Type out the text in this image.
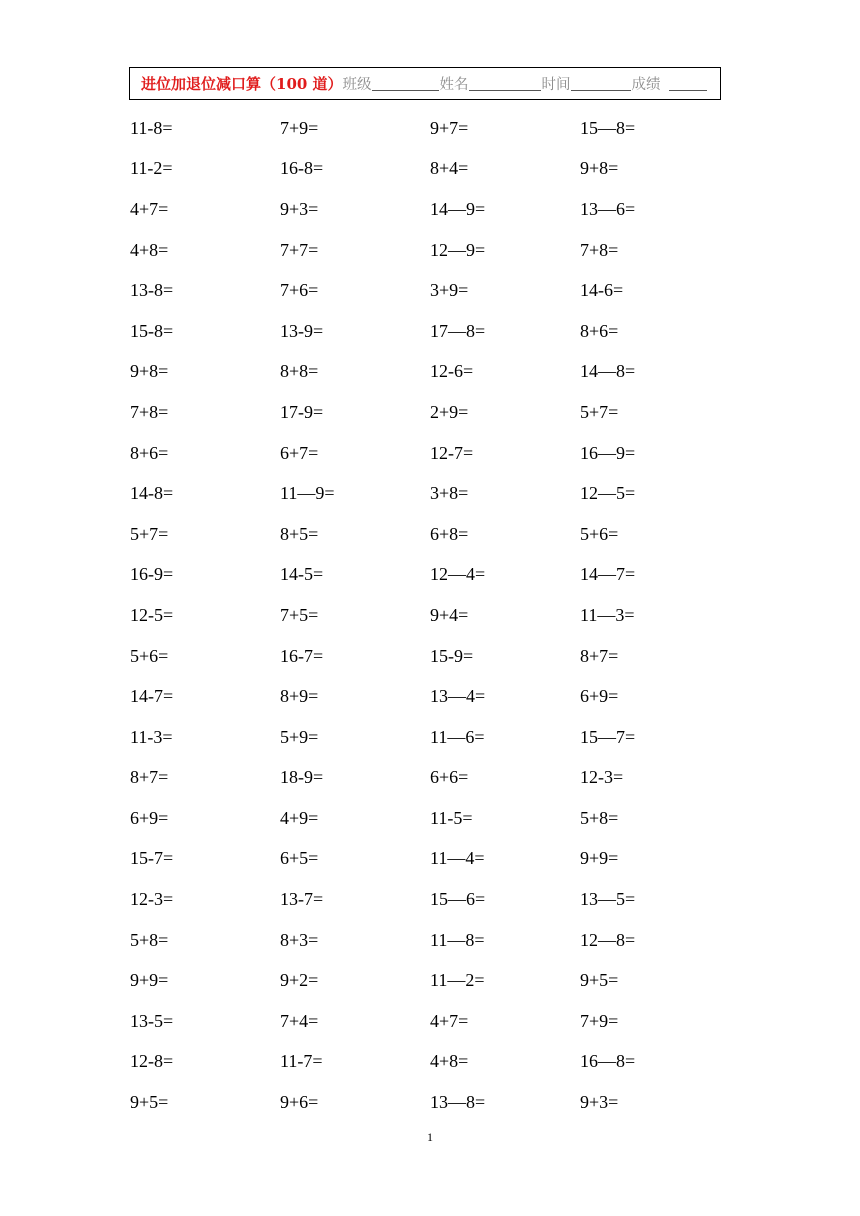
进位加退位减口算（100 道） 班级	姓名	时间	成绩
11-8=	7+9=	9+7=	15—8=
11-2=	16-8=	8+4=	9+8=
4+7=	9+3=	14—9=	13—6=
4+8=	7+7=	12—9=	7+8=
13-8=	7+6=	3+9=	14-6=
15-8=	13-9=	17—8=	8+6=
9+8=	8+8=	12-6=	14—8=
7+8=	17-9=	2+9=	5+7=
8+6=	6+7=	12-7=	16—9=
14-8=	11—9=	3+8=	12—5=
5+7=	8+5=	6+8=	5+6=
16-9=	14-5=	12—4=	14—7=
12-5=	7+5=	9+4=	11—3=
5+6=	16-7=	15-9=	8+7=
14-7=	8+9=	13—4=	6+9=
11-3=	5+9=	11—6=	15—7=
8+7=	18-9=	6+6=	12-3=
6+9=	4+9=	11-5=	5+8=
15-7=	6+5=	11—4=	9+9=
12-3=	13-7=	15—6=	13—5=
5+8=	8+3=	11—8=	12—8=
9+9=	9+2=	11—2=	9+5=
13-5=	7+4=	4+7=	7+9=
12-8=	11-7=	4+8=	16—8=
9+5=	9+6=	13—8=	9+3=
1
